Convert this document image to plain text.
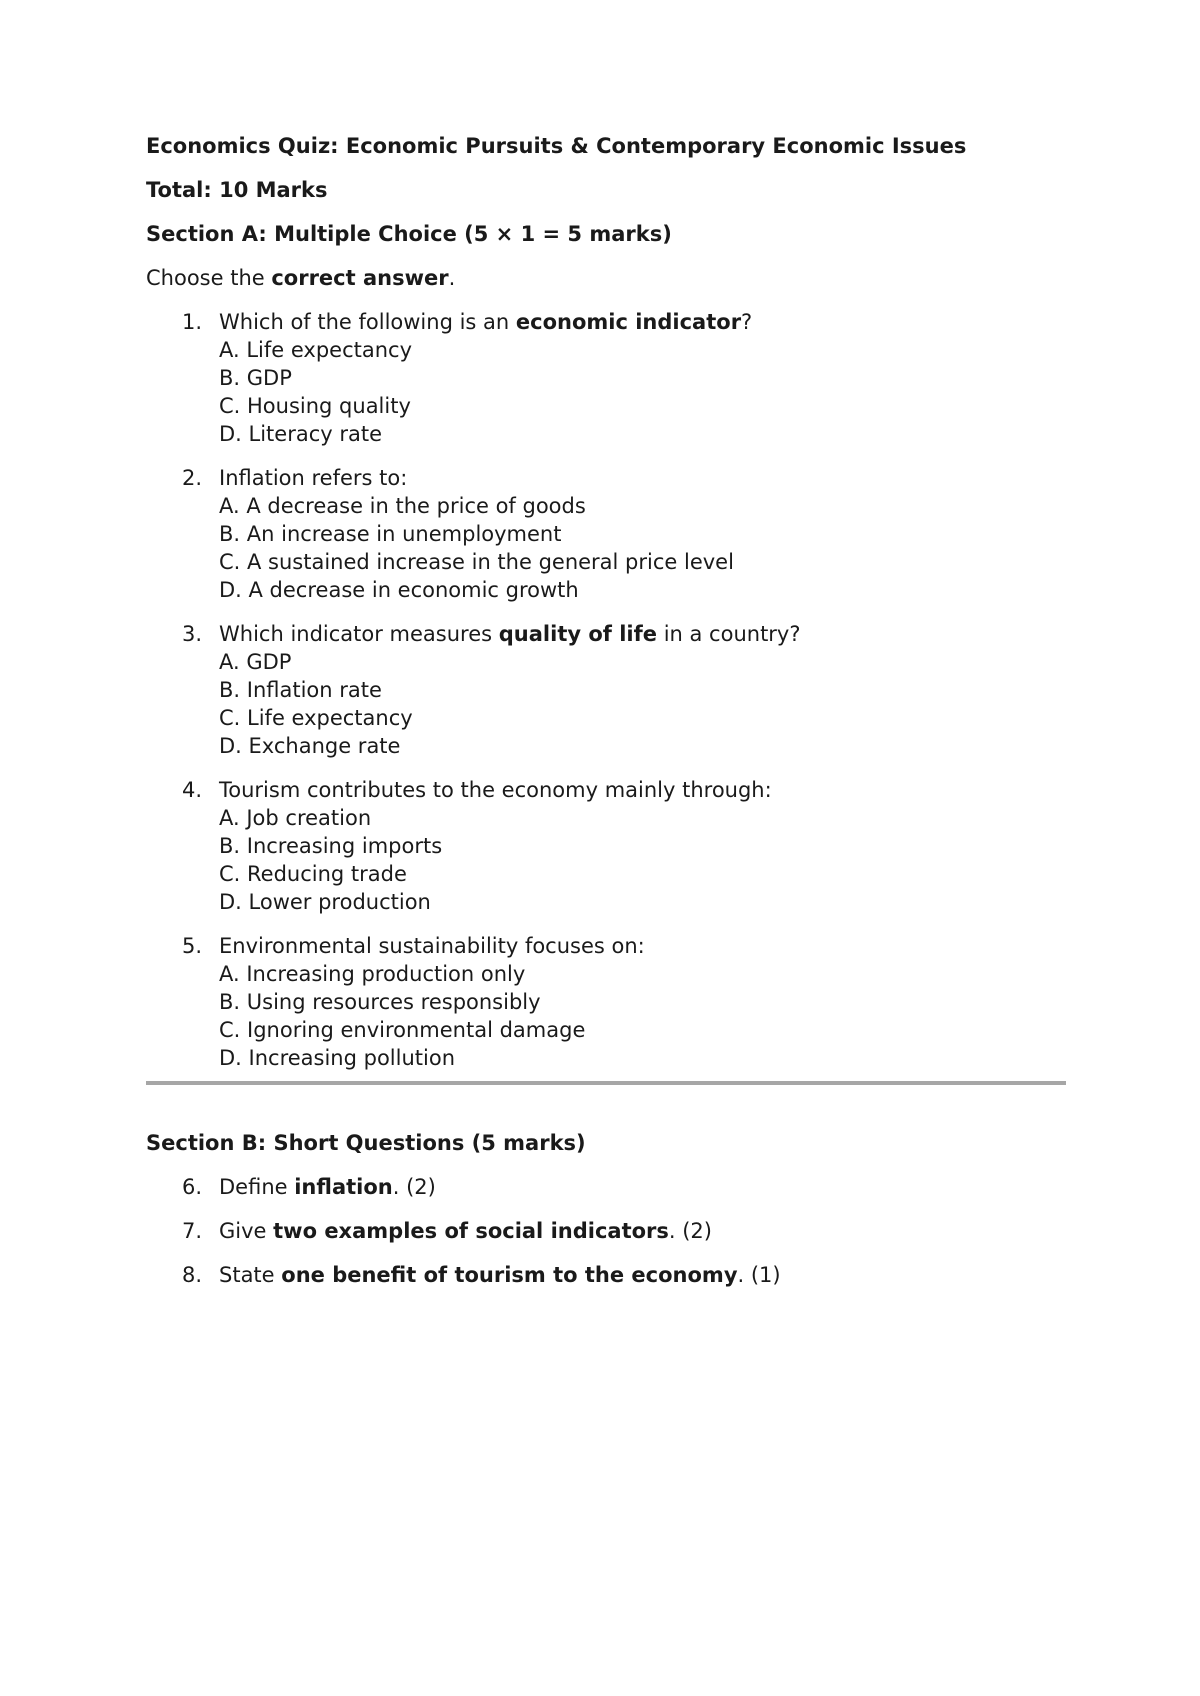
Economics Quiz: Economic Pursuits & Contemporary Economic Issues

Total: 10 Marks

Section A: Multiple Choice (5 × 1 = 5 marks)

Choose the correct answer.

1. Which of the following is an economic indicator?
A. Life expectancy
B. GDP
C. Housing quality
D. Literacy rate
2. Inflation refers to:
A. A decrease in the price of goods
B. An increase in unemployment
C. A sustained increase in the general price level
D. A decrease in economic growth
3. Which indicator measures quality of life in a country?
A. GDP
B. Inflation rate
C. Life expectancy
D. Exchange rate
4. Tourism contributes to the economy mainly through:
A. Job creation
B. Increasing imports
C. Reducing trade
D. Lower production
5. Environmental sustainability focuses on:
A. Increasing production only
B. Using resources responsibly
C. Ignoring environmental damage
D. Increasing pollution

Section B: Short Questions (5 marks)

6. Define inflation. (2)
7. Give two examples of social indicators. (2)
8. State one benefit of tourism to the economy. (1)
